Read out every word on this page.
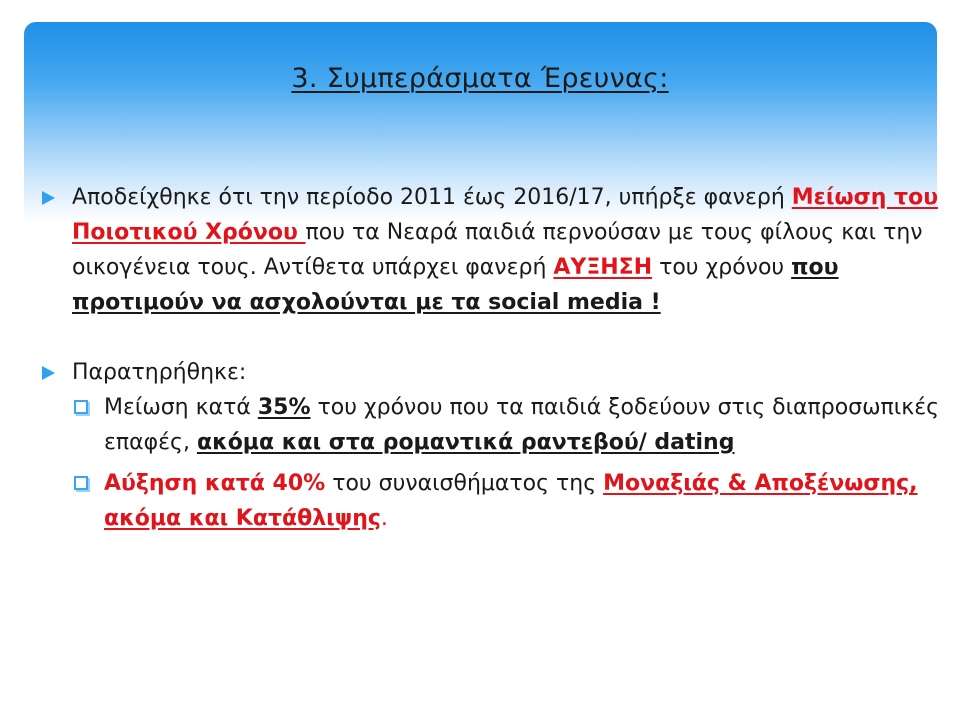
3. Συμπεράσματα Έρευνας:

Αποδείχθηκε ότι την περίοδο 2011 έως 2016/17, υπήρξε φανερή Μείωση του Ποιοτικού Χρόνου που τα Νεαρά παιδιά περνούσαν με τους φίλους και την οικογένεια τους. Αντίθετα υπάρχει φανερή ΑΥΞΗΣΗ του χρόνου που προτιμούν να ασχολούνται με τα social media !

Παρατηρήθηκε:

Μείωση κατά 35% του χρόνου που τα παιδιά ξοδεύουν στις διαπροσωπικές επαφές, ακόμα και στα ρομαντικά ραντεβού/ dating

Αύξηση κατά 40% του συναισθήματος της Μοναξιάς & Αποξένωσης, ακόμα και Κατάθλιψης.
